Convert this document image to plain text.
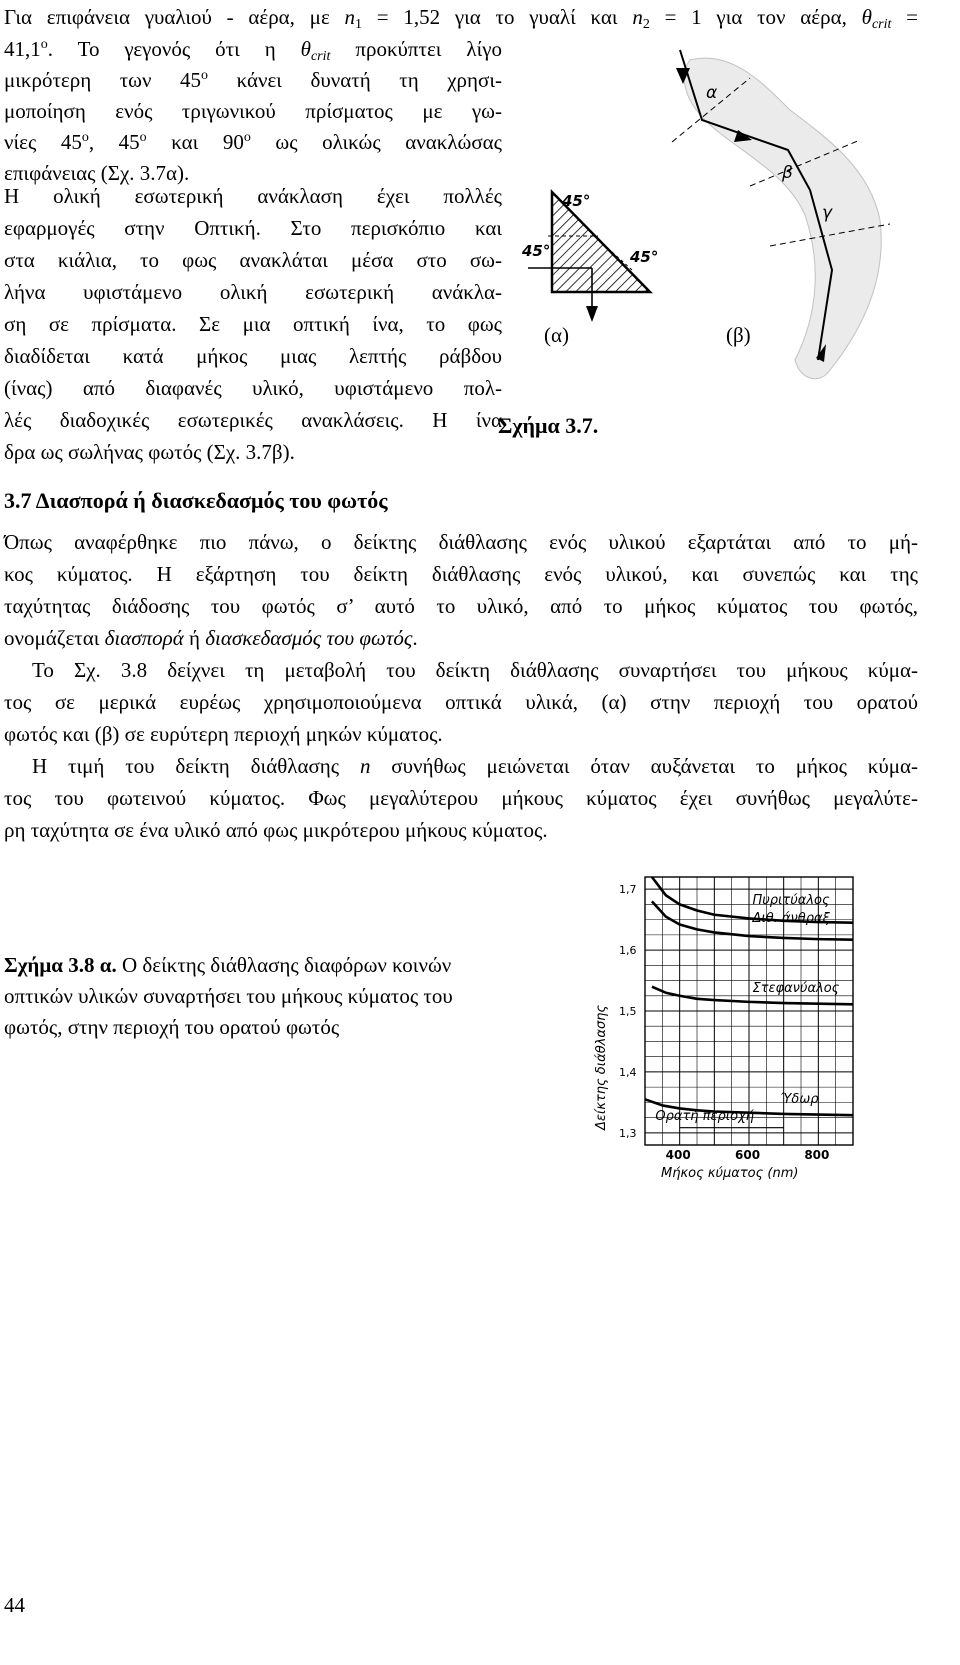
Για επιφάνεια γυαλιού - αέρα, με $n_1 = 1,52$ για το γυαλί και $n_2 = 1$ για τον αέρα, $\theta_{crit}$ =
$41,1^o$. Το γεγονός ότι η $\theta_{crit}$ προκύπτει λίγο
μικρότερη των $45^o$ κάνει δυνατή τη χρησι-
μοποίηση ενός τριγωνικού πρίσματος με γω-
νίες $45^o$, $45^o$ και $90^o$ ως ολικώς ανακλώσας
επιφάνειας (Σχ. 3.7α).
Η ολική εσωτερική ανάκλαση έχει πολλές
εφαρμογές στην Οπτική. Στο περισκόπιο και
στα κιάλια, το φως ανακλάται μέσα στο σω-
λήνα υφιστάμενο ολική εσωτερική ανάκλα-
ση σε πρίσματα. Σε μια οπτική ίνα, το φως
διαδίδεται κατά μήκος μιας λεπτής ράβδου
(ίνας) από διαφανές υλικό, υφιστάμενο πολ-
λές διαδοχικές εσωτερικές ανακλάσεις. Η ίνα
δρα ως σωλήνας φωτός (Σχ. 3.7β).
45°
45°	45°
α
β
γ
(α)	(β)
Σχήμα 3.7.
3.7 Διασπορά ή διασκεδασμός του φωτός
Όπως αναφέρθηκε πιο πάνω, ο δείκτης διάθλασης ενός υλικού εξαρτάται από το μή-
κος κύματος. Η εξάρτηση του δείκτη διάθλασης ενός υλικού, και συνεπώς και της
ταχύτητας διάδοσης του φωτός σ’ αυτό το υλικό, από το μήκος κύματος του φωτός,
ονομάζεται διασπορά ή διασκεδασμός του φωτός.
Το Σχ. 3.8 δείχνει τη μεταβολή του δείκτη διάθλασης συναρτήσει του μήκους κύμα-
τος σε μερικά ευρέως χρησιμοποιούμενα οπτικά υλικά, (α) στην περιοχή του ορατού
φωτός και (β) σε ευρύτερη περιοχή μηκών κύματος.
Η τιμή του δείκτη διάθλασης n συνήθως μειώνεται όταν αυξάνεται το μήκος κύμα-
τος του φωτεινού κύματος. Φως μεγαλύτερου μήκους κύματος έχει συνήθως μεγαλύτε-
ρη ταχύτητα σε ένα υλικό από φως μικρότερου μήκους κύματος.
Σχήμα 3.8 α. Ο δείκτης διάθλασης διαφόρων κοινών
οπτικών υλικών συναρτήσει του μήκους κύματος του
φωτός, στην περιοχή του ορατού φωτός
Πυριτύαλος
Διθ. άνθραξ
Στεφανύαλος
Ύδωρ
Ορατή περιοχή
1,7
1,6
1,5
1,4
1,3
400	600	800
Μήκος κύματος (nm)
Δείκτης διάθλασης
44
